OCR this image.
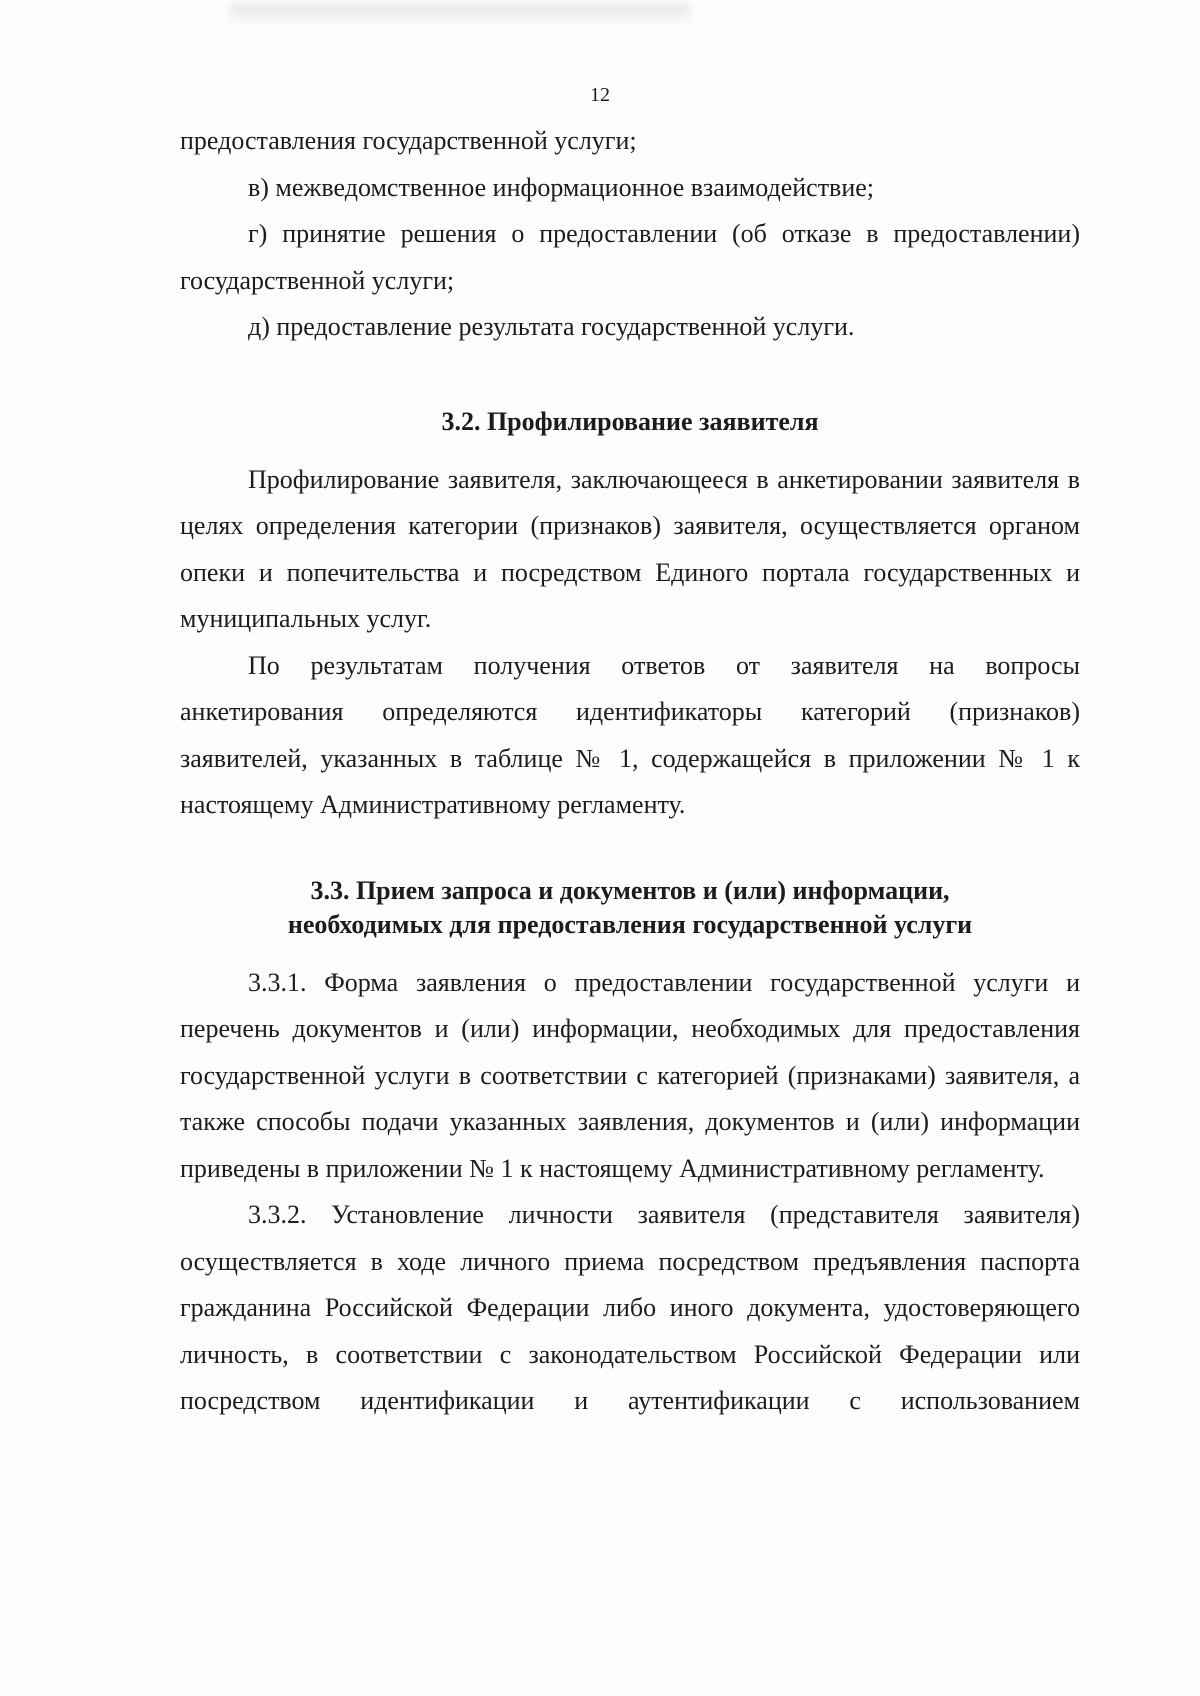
12

предоставления государственной услуги;

в) межведомственное информационное взаимодействие;

г) принятие решения о предоставлении (об отказе в предоставлении) государственной услуги;

д) предоставление результата государственной услуги.

3.2. Профилирование заявителя

Профилирование заявителя, заключающееся в анкетировании заявителя в целях определения категории (признаков) заявителя, осуществляется органом опеки и попечительства и посредством Единого портала государственных и муниципальных услуг.

По результатам получения ответов от заявителя на вопросы анкетирования определяются идентификаторы категорий (признаков) заявителей, указанных в таблице № 1, содержащейся в приложении № 1 к настоящему Административному регламенту.

3.3. Прием запроса и документов и (или) информации,
необходимых для предоставления государственной услуги

3.3.1. Форма заявления о предоставлении государственной услуги и перечень документов и (или) информации, необходимых для предоставления государственной услуги в соответствии с категорией (признаками) заявителя, а также способы подачи указанных заявления, документов и (или) информации приведены в приложении № 1 к настоящему Административному регламенту.

3.3.2. Установление личности заявителя (представителя заявителя) осуществляется в ходе личного приема посредством предъявления паспорта гражданина Российской Федерации либо иного документа, удостоверяющего личность, в соответствии с законодательством Российской Федерации или посредством идентификации и аутентификации с использованием
